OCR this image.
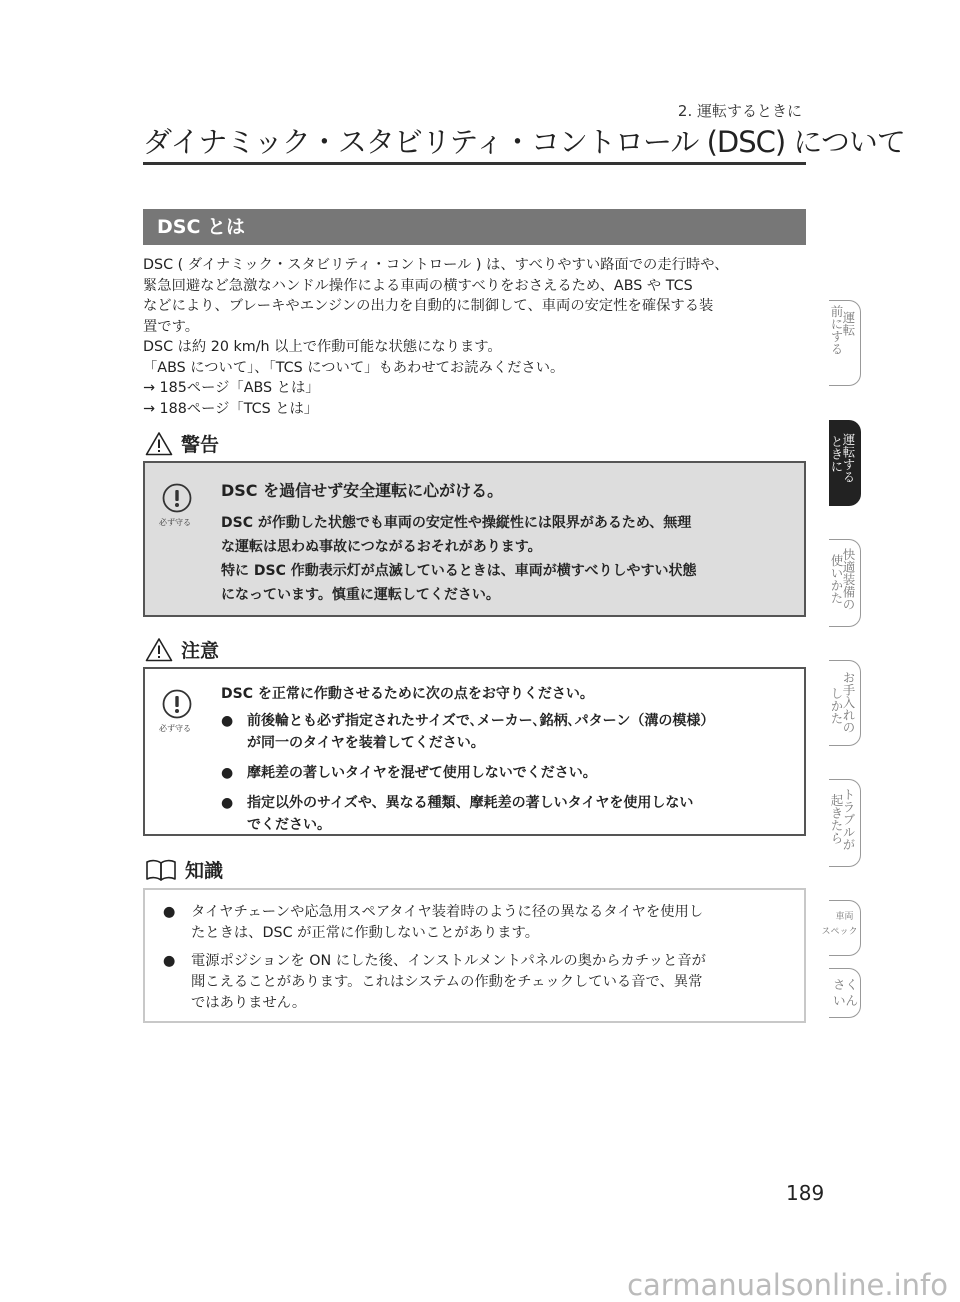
2. 運転するときに
ダイナミック・スタビリティ・コントロール (DSC) について
DSC とは
DSC ( ダイナミック・スタビリティ・コントロール ) は、すべりやすい路面での走行時や、
緊急回避など急激なハンドル操作による車両の横すべりをおさえるため、ABS や TCS
などにより、ブレーキやエンジンの出力を自動的に制御して、車両の安定性を確保する装
置です。
DSC は約 20 km/h 以上で作動可能な状態になります。
「ABS について」、「TCS について」もあわせてお読みください。
→ 185ページ「ABS とは」
→ 188ページ「TCS とは」
警告
必ず守る
DSC を過信せず安全運転に心がける。
DSC が作動した状態でも車両の安定性や操縦性には限界があるため、無理
な運転は思わぬ事故につながるおそれがあります。
特に DSC 作動表示灯が点滅しているときは、車両が横すべりしやすい状態
になっています。慎重に運転してください。
注意
必ず守る
DSC を正常に作動させるために次の点をお守りください。
● 前後輪とも必ず指定されたサイズで､メーカー､銘柄､パターン（溝の模様）
が同一のタイヤを装着してください。
● 摩耗差の著しいタイヤを混ぜて使用しないでください。
● 指定以外のサイズや、異なる種類、摩耗差の著しいタイヤを使用しない
でください。
知識
●	タイヤチェーンや応急用スペアタイヤ装着時のように径の異なるタイヤを使用し
たときは、DSC が正常に作動しないことがあります。
●	電源ポジションを ON にした後、インストルメントパネルの奥からカチッと音が
聞こえることがあります。これはシステムの作動をチェックしている音で、異常
ではありません。
運転
前にする
運転する
ときに
快適装備の
使いかた
お手入れの
しかた
トラブルが
起きたら
車両
スペック
さく
いん
189
carmanualsonline.info
